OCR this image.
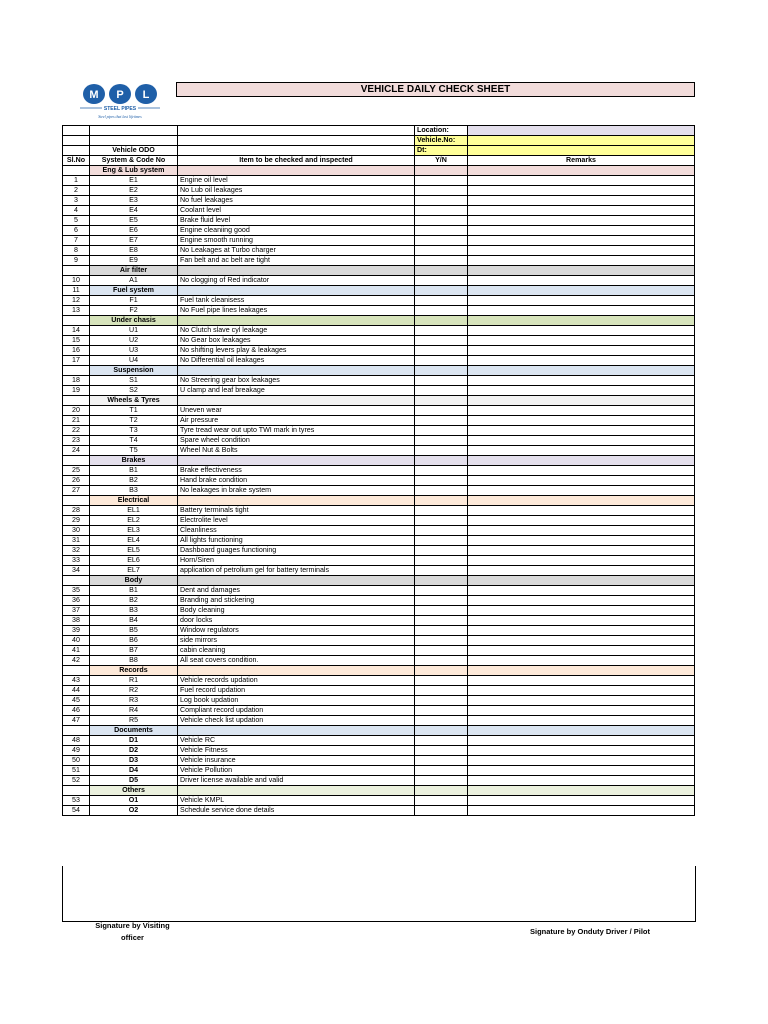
M P L
STEEL PIPES
Steel pipes that last lifetimes
VEHICLE DAILY CHECK SHEET
			Location:	
			Vehicle.No:	
	Vehicle ODO		Dt:	
Sl.No	System & Code No	Item to be checked and inspected	Y/N	Remarks
	Eng & Lub system			
1	E1	Engine oil level		
2	E2	No Lub oil leakages		
3	E3	No fuel leakages		
4	E4	Coolant level		
5	E5	Brake fluid level		
6	E6	Engine cleaniing good		
7	E7	Engine smooth running		
8	E8	No Leakages at Turbo charger		
9	E9	Fan belt and ac belt are tight		
	Air filter			
10	A1	No clogging of Red indicator		
11	Fuel system			
12	F1	Fuel tank cleanisess		
13	F2	No Fuel pipe lines leakages		
	Under chasis			
14	U1	No Clutch slave cyl leakage		
15	U2	No Gear box leakages		
16	U3	No shifting levers play & leakages		
17	U4	No Differential oil leakages		
	Suspension			
18	S1	No Streering gear box leakages		
19	S2	U clamp and leaf breakage		
	Wheels & Tyres			
20	T1	Uneven wear		
21	T2	Air pressure		
22	T3	Tyre tread wear out upto TWI mark in tyres		
23	T4	Spare wheel condition		
24	T5	Wheel Nut & Bolts		
	Brakes			
25	B1	Brake effectiveness		
26	B2	Hand brake condition		
27	B3	No leakages in brake system		
	Electrical			
28	EL1	Battery terminals tight		
29	EL2	Electrolite level		
30	EL3	Cleanliness		
31	EL4	All lights functioning		
32	EL5	Dashboard guages functioning		
33	EL6	Horn/Siren		
34	EL7	application of petrolium gel for battery terminals		
	Body			
35	B1	Dent and damages		
36	B2	Branding and stickering		
37	B3	Body cleaning		
38	B4	door locks		
39	B5	Window regulators		
40	B6	side mirrors		
41	B7	cabin cleaning		
42	B8	All seat covers condition.		
	Records			
43	R1	Vehicle records updation		
44	R2	Fuel record updation		
45	R3	Log book updation		
46	R4	Compliant record updation		
47	R5	Vehicle check list updation		
	Documents			
48	D1	Vehicle RC		
49	D2	Vehicle Fitness		
50	D3	Vehicle insurance		
51	D4	Vehicle Pollution		
52	D5	Driver license available and valid		
	Others			
53	O1	Vehicle KMPL		
54	O2	Schedule service done details		
Signature by Visiting
officer
Signature by Onduty Driver / Pilot
